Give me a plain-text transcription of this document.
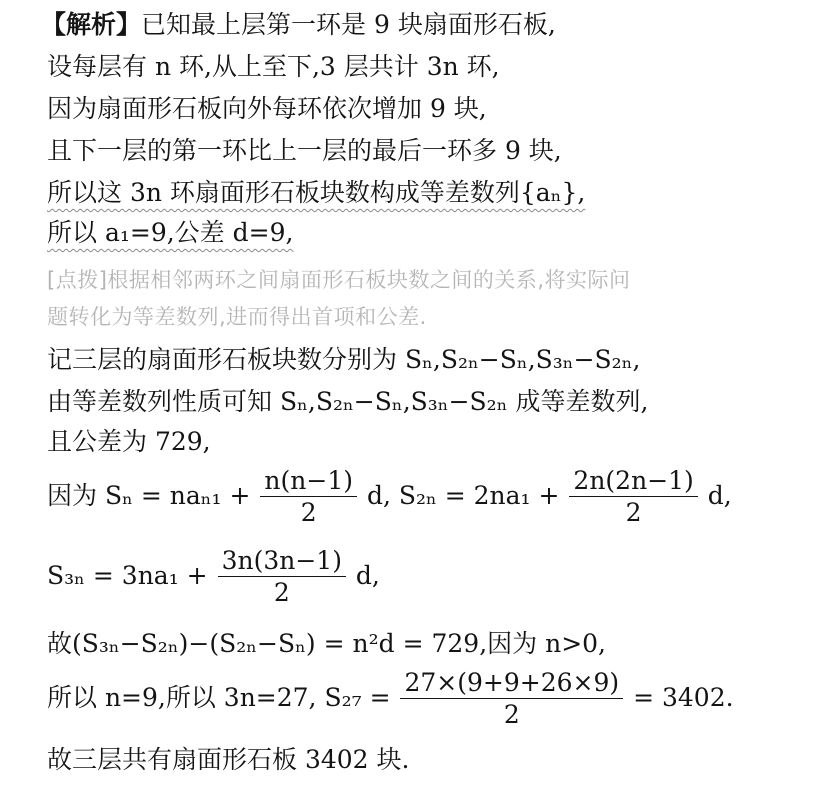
【解析】已知最上层第一环是 9 块扇面形石板,
设每层有 n 环,从上至下,3 层共计 3n 环,
因为扇面形石板向外每环依次增加 9 块,
且下一层的第一环比上一层的最后一环多 9 块,
所以这 3n 环扇面形石板块数构成等差数列{aₙ},
所以 a₁=9,公差 d=9,
[点拨]根据相邻两环之间扇面形石板块数之间的关系,将实际问
题转化为等差数列,进而得出首项和公差.
记三层的扇面形石板块数分别为 Sₙ,S₂ₙ−Sₙ,S₃ₙ−S₂ₙ,
由等差数列性质可知 Sₙ,S₂ₙ−Sₙ,S₃ₙ−S₂ₙ 成等差数列,
且公差为 729,
因为 $S_n = na_{n1} + \frac{n(n-1)}{2} d$, $S_{2n} = 2na_1 + \frac{2n(2n-1)}{2} d$,
$S_{3n} = 3na_1 + \frac{3n(3n-1)}{2} d$,
故(S₃ₙ−S₂ₙ)−(S₂ₙ−Sₙ) = n²d = 729,因为 n>0,
所以 n=9,所以 3n=27, $S_{27} = \frac{27\times(9+9+26\times 9)}{2} = 3402$.
故三层共有扇面形石板 3402 块.
